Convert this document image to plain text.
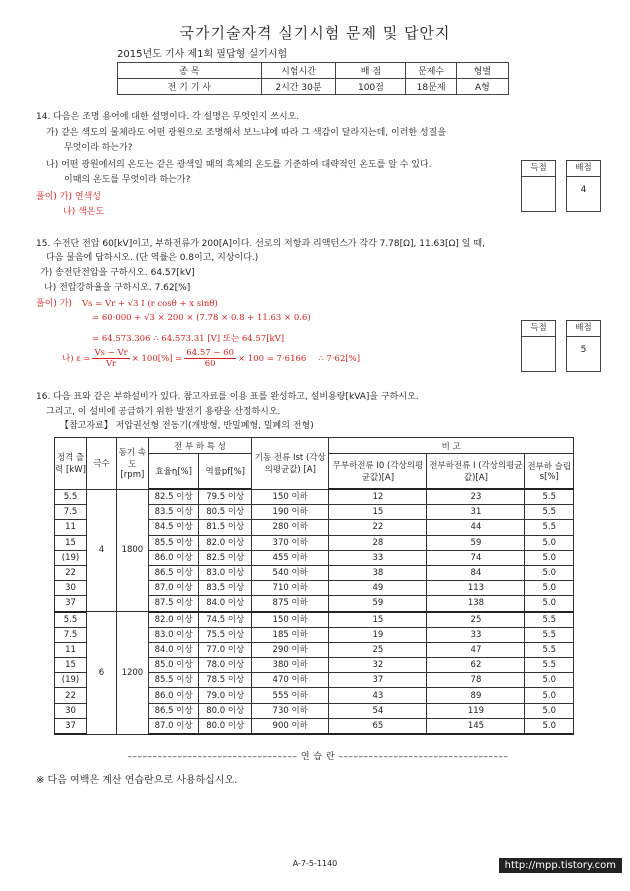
국가기술자격 실기시험 문제 및 답안지
2015년도 기사 제1회 필답형 실기시험
종 목	시험시간	배 점	문제수	형별
전 기 기 사	2시간 30분	100점	18문제	A형
14. 다음은 조명 용어에 대한 설명이다. 각 설명은 무엇인지 쓰시오.
가) 같은 색도의 물체라도 어떤 광원으로 조명해서 보느냐에 따라 그 색감이 달라지는데, 이러한 성질을
무엇이라 하는가?
나) 어떤 광원에서의 온도는 같은 광색일 때의 흑체의 온도를 기준하여 대략적인 온도를 알 수 있다.
이때의 온도를 무엇이라 하는가?
풀이) 가) 연색성
나) 색온도
득점	배점
4
15. 수전단 전압 60[kV]이고, 부하전류가 200[A]이다. 선로의 저항과 리액턴스가 각각 7.78[Ω], 11.63[Ω] 일 때,
다음 물음에 답하시오. (단 역률은 0.8이고, 지상이다.)
가) 송전단전압을 구하시오. 64.57[kV]
나) 전압강하율을 구하시오. 7.62[%]
풀이) 가) Vs = Vr + √3 I (r cosθ + x sinθ)
= 60·000 + √3 × 200 × (7.78 × 0.8 + 11.63 × 0.6)
= 64.573.306 ∴ 64.573.31 [V] 또는 64.57[kV]
나) $\varepsilon = \frac{Vs - Vr}{Vr} \times 100[\%] = \frac{64.57 - 60}{60} \times 100 = 7\cdot 6166$ ∴ 7·62[%]
득점	배점
5
16. 다음 표와 같은 부하설비가 있다. 참고자료를 이용 표를 완성하고, 설비용량[kVA]을 구하시오.
그리고, 이 설비에 공급하기 위한 발전기 용량을 산정하시오.
【참고자료】 저압권선형 전동기(개방형, 반밀폐형, 밀폐의 전형)
정격 출력 [kW]	극수	동기 속도 [rpm]	전 부 하 특 성		기동 전류 Ist (각상의평균값) [A]	비 고		
			효율η[%]	역률pf[%]		무부하전류 I0 (각상의평균값)[A]	전부하전류 I (각상의평균값)[A]	전부하 슬립 s[%]
5.5	4	1800	82.5 이상	79.5 이상	150 이하	12	23	5.5
7.5			83.5 이상	80.5 이상	190 이하	15	31	5.5
11			84.5 이상	81.5 이상	280 이하	22	44	5.5
15			85.5 이상	82.0 이상	370 이하	28	59	5.0
(19)			86.0 이상	82.5 이상	455 이하	33	74	5.0
22			86.5 이상	83.0 이상	540 이하	38	84	5.0
30			87.0 이상	83.5 이상	710 이하	49	113	5.0
37			87.5 이상	84.0 이상	875 이하	59	138	5.0
5.5	6	1200	82.0 이상	74.5 이상	150 이하	15	25	5.5
7.5			83.0 이상	75.5 이상	185 이하	19	33	5.5
11			84.0 이상	77.0 이상	290 이하	25	47	5.5
15			85.0 이상	78.0 이상	380 이하	32	62	5.5
(19)			85.5 이상	78.5 이상	470 이하	37	78	5.0
22			86.0 이상	79.0 이상	555 이하	43	89	5.0
30			86.5 이상	80.0 이상	730 이하	54	119	5.0
37			87.0 이상	80.0 이상	900 이하	65	145	5.0
–––––––––––––––––––––––––––––––––– 연 습 란 ––––––––––––––––––––––––––––––––––
※ 다음 여백은 계산 연습란으로 사용하십시오.
A-7-5-1140	http://mpp.tistory.com
